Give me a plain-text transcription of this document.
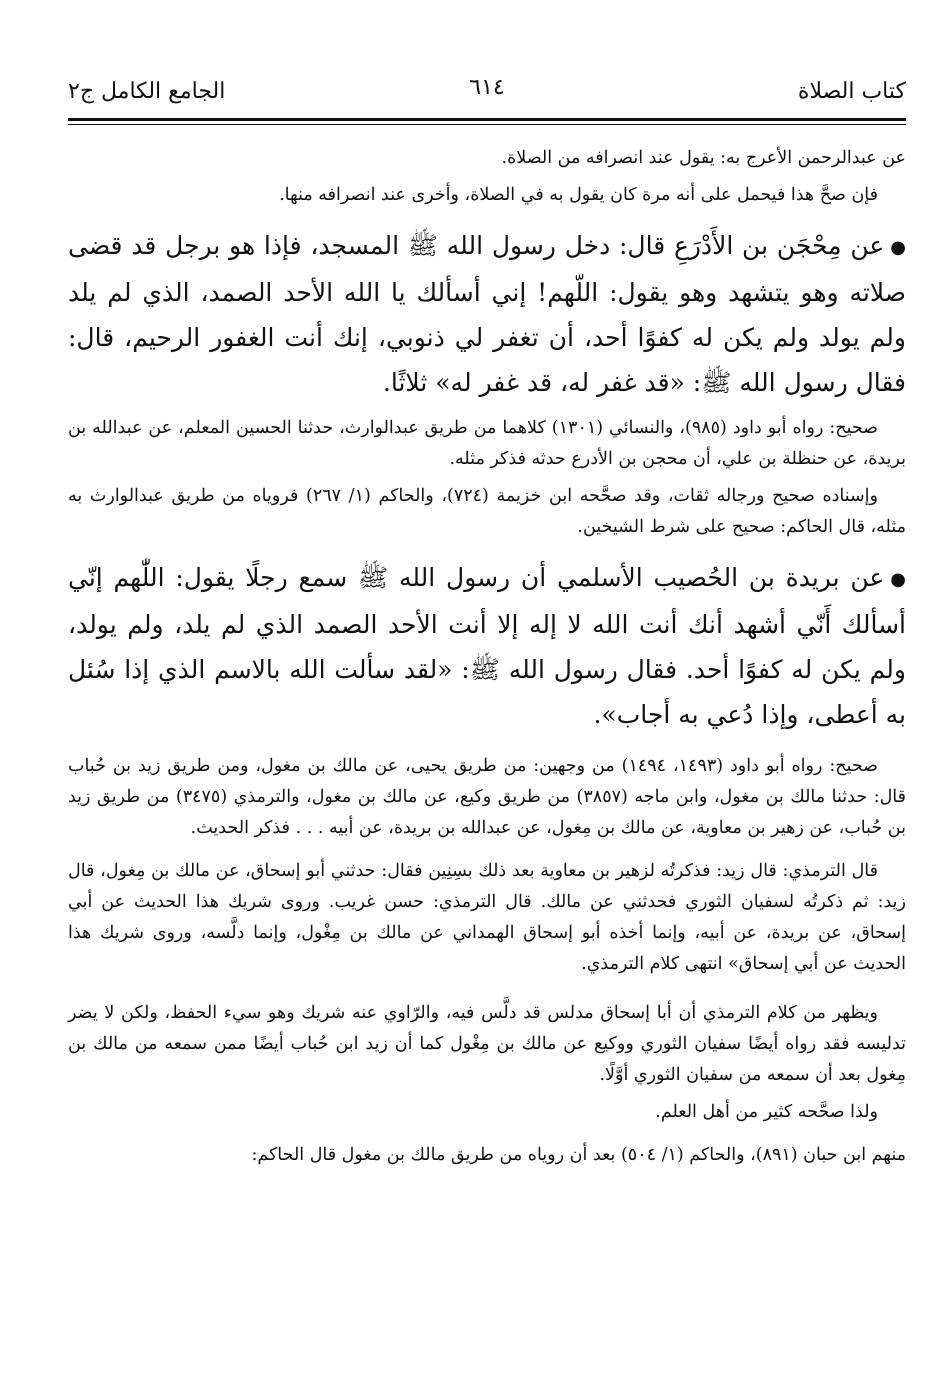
كتاب الصلاة
٦١٤
الجامع الكامل ج٢

عن عبدالرحمن الأعرج به: يقول عند انصرافه من الصلاة.

فإن صحَّ هذا فيحمل على أنه مرة كان يقول به في الصلاة، وأخرى عند انصرافه منها.

●عن مِحْجَن بن الأَدْرَعِ قال: دخل رسول الله ﷺ المسجد، فإذا هو برجل قد قضى صلاته وهو يتشهد وهو يقول: اللّهم! إني أسألك يا الله الأحد الصمد، الذي لم يلد ولم يولد ولم يكن له كفوًا أحد، أن تغفر لي ذنوبي، إنك أنت الغفور الرحيم، قال: فقال رسول الله ﷺ: «قد غفر له، قد غفر له» ثلاثًا.

صحيح: رواه أبو داود (٩٨٥)، والنسائي (١٣٠١) كلاهما من طريق عبدالوارث، حدثنا الحسين المعلم، عن عبدالله بن بريدة، عن حنظلة بن علي، أن محجن بن الأدرع حدثه فذكر مثله.

وإسناده صحيح ورجاله ثقات، وقد صحَّحه ابن خزيمة (٧٢٤)، والحاكم (١/ ٢٦٧) فروياه من طريق عبدالوارث به مثله، قال الحاكم: صحيح على شرط الشيخين.

●عن بريدة بن الحُصيب الأسلمي أن رسول الله ﷺ سمع رجلًا يقول: اللّٰهم إنّي أسألك أَنّي أشهد أنك أنت الله لا إله إلا أنت الأحد الصمد الذي لم يلد، ولم يولد، ولم يكن له كفوًا أحد. فقال رسول الله ﷺ: «لقد سألت الله بالاسم الذي إذا سُئل به أعطى، وإذا دُعي به أجاب».

صحيح: رواه أبو داود (١٤٩٣، ١٤٩٤) من وجهين: من طريق يحيى، عن مالك بن مغول، ومن طريق زيد بن حُباب قال: حدثنا مالك بن مغول، وابن ماجه (٣٨٥٧) من طريق وكيع، عن مالك بن مغول، والترمذي (٣٤٧٥) من طريق زيد بن حُباب، عن زهير بن معاوية، عن مالك بن مِغول، عن عبدالله بن بريدة، عن أبيه . . . فذكر الحديث.

قال الترمذي: قال زيد: فذكرتُه لزهير بن معاوية بعد ذلك بسِنِين فقال: حدثني أبو إسحاق، عن مالك بن مِغول، قال زيد: ثم ذكرتُه لسفيان الثوري فحدثني عن مالك. قال الترمذي: حسن غريب. وروى شريك هذا الحديث عن أبي إسحاق، عن بريدة، عن أبيه، وإنما أخذه أبو إسحاق الهمداني عن مالك بن مِغْول، وإنما دلَّسه، وروى شريك هذا الحديث عن أبي إسحاق» انتهى كلام الترمذي.

ويظهر من كلام الترمذي أن أبا إسحاق مدلس قد دلَّس فيه، والرّاوي عنه شريك وهو سيء الحفظ، ولكن لا يضر تدليسه فقد رواه أيضًا سفيان الثوري ووكيع عن مالك بن مِغْول كما أن زيد ابن حُباب أيضًا ممن سمعه من مالك بن مِغول بعد أن سمعه من سفيان الثوري أوَّلًا.

ولذا صحَّحه كثير من أهل العلم.

منهم ابن حبان (٨٩١)، والحاكم (١/ ٥٠٤) بعد أن روياه من طريق مالك بن مغول قال الحاكم:
